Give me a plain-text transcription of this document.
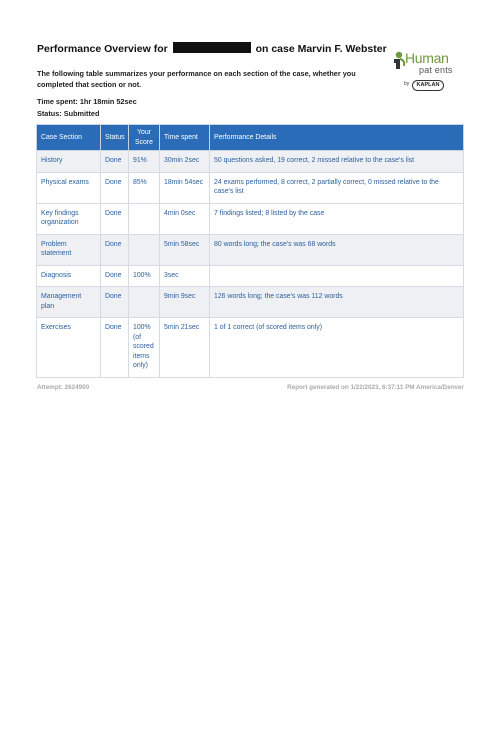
Performance Overview for	on case Marvin F. Webster
Human
pat ents
by	KAPLAN
The following table summarizes your performance on each section of the case, whether you completed that section or not.
Time spent: 1hr 18min 52sec
Status: Submitted
Case Section	Status	Your Score	Time spent	Performance Details
History	Done	91%	30min 2sec	50 questions asked, 19 correct, 2 missed relative to the case's list
Physical exams	Done	85%	18min 54sec	24 exams performed, 8 correct, 2 partially correct, 0 missed relative to the case's list
Key findings organization	Done		4min 0sec	7 findings listed; 8 listed by the case
Problem statement	Done		5min 58sec	80 words long; the case's was 68 words
Diagnosis	Done	100%	3sec	
Management plan	Done		9min 9sec	126 words long; the case's was 112 words
Exercises	Done	100% (of scored items only)	5min 21sec	1 of 1 correct (of scored items only)
Attempt: 2624900	Report generated on 1/22/2023, 6:37:11 PM America/Denver
